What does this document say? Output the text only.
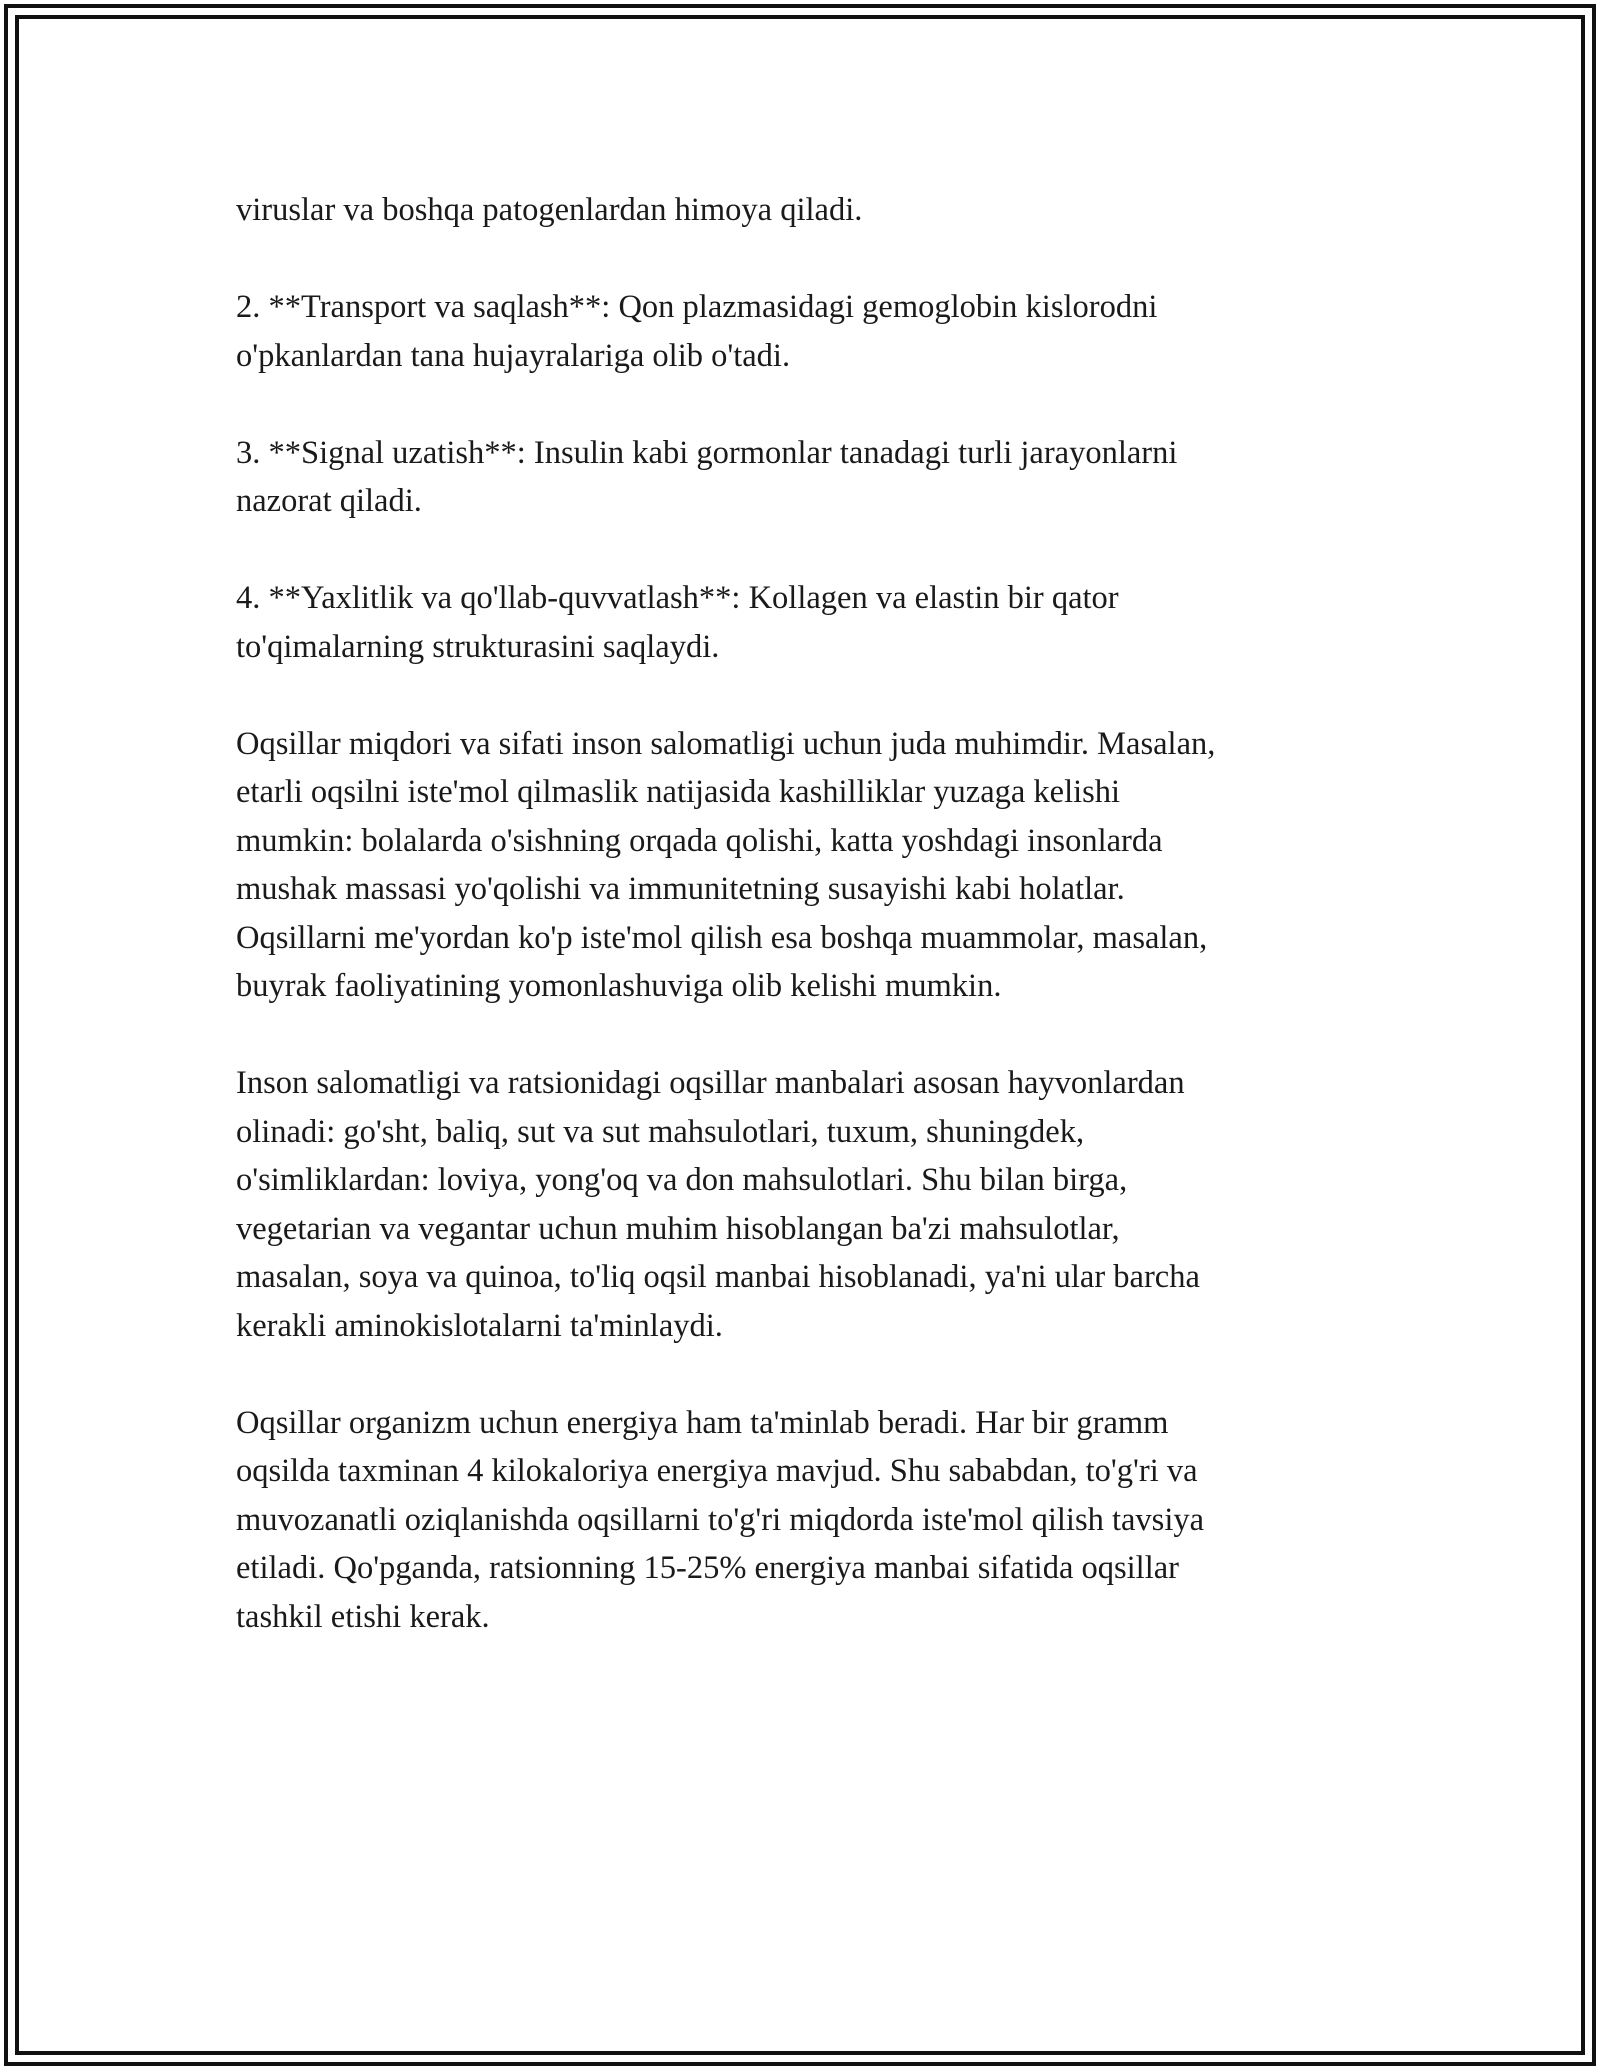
viruslar va boshqa patogenlardan himoya qiladi.

2. **Transport va saqlash**: Qon plazmasidagi gemoglobin kislorodni
o'pkanlardan tana hujayralariga olib o'tadi.

3. **Signal uzatish**: Insulin kabi gormonlar tanadagi turli jarayonlarni
nazorat qiladi.

4. **Yaxlitlik va qo'llab-quvvatlash**: Kollagen va elastin bir qator
to'qimalarning strukturasini saqlaydi.

Oqsillar miqdori va sifati inson salomatligi uchun juda muhimdir. Masalan,
etarli oqsilni iste'mol qilmaslik natijasida kashilliklar yuzaga kelishi
mumkin: bolalarda o'sishning orqada qolishi, katta yoshdagi insonlarda
mushak massasi yo'qolishi va immunitetning susayishi kabi holatlar.
Oqsillarni me'yordan ko'p iste'mol qilish esa boshqa muammolar, masalan,
buyrak faoliyatining yomonlashuviga olib kelishi mumkin.

Inson salomatligi va ratsionidagi oqsillar manbalari asosan hayvonlardan
olinadi: go'sht, baliq, sut va sut mahsulotlari, tuxum, shuningdek,
o'simliklardan: loviya, yong'oq va don mahsulotlari. Shu bilan birga,
vegetarian va vegantar uchun muhim hisoblangan ba'zi mahsulotlar,
masalan, soya va quinoa, to'liq oqsil manbai hisoblanadi, ya'ni ular barcha
kerakli aminokislotalarni ta'minlaydi.

Oqsillar organizm uchun energiya ham ta'minlab beradi. Har bir gramm
oqsilda taxminan 4 kilokaloriya energiya mavjud. Shu sababdan, to'g'ri va
muvozanatli oziqlanishda oqsillarni to'g'ri miqdorda iste'mol qilish tavsiya
etiladi. Qo'pganda, ratsionning 15-25% energiya manbai sifatida oqsillar
tashkil etishi kerak.
